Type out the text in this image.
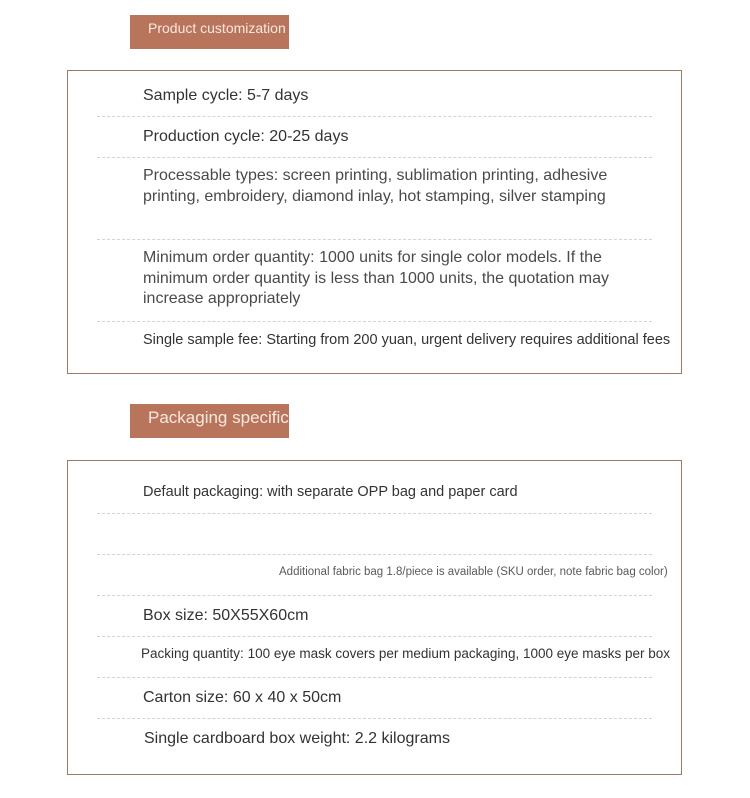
Product customization
Sample cycle: 5-7 days
Production cycle: 20-25 days
Processable types: screen printing, sublimation printing, adhesive printing, embroidery, diamond inlay, hot stamping, silver stamping
Minimum order quantity: 1000 units for single color models. If the minimum order quantity is less than 1000 units, the quotation may increase appropriately
Single sample fee: Starting from 200 yuan, urgent delivery requires additional fees
Packaging specific
Default packaging: with separate OPP bag and paper card
Additional fabric bag 1.8/piece is available (SKU order, note fabric bag color)
Box size: 50X55X60cm
Packing quantity: 100 eye mask covers per medium packaging, 1000 eye masks per box
Carton size: 60 x 40 x 50cm
Single cardboard box weight: 2.2 kilograms
